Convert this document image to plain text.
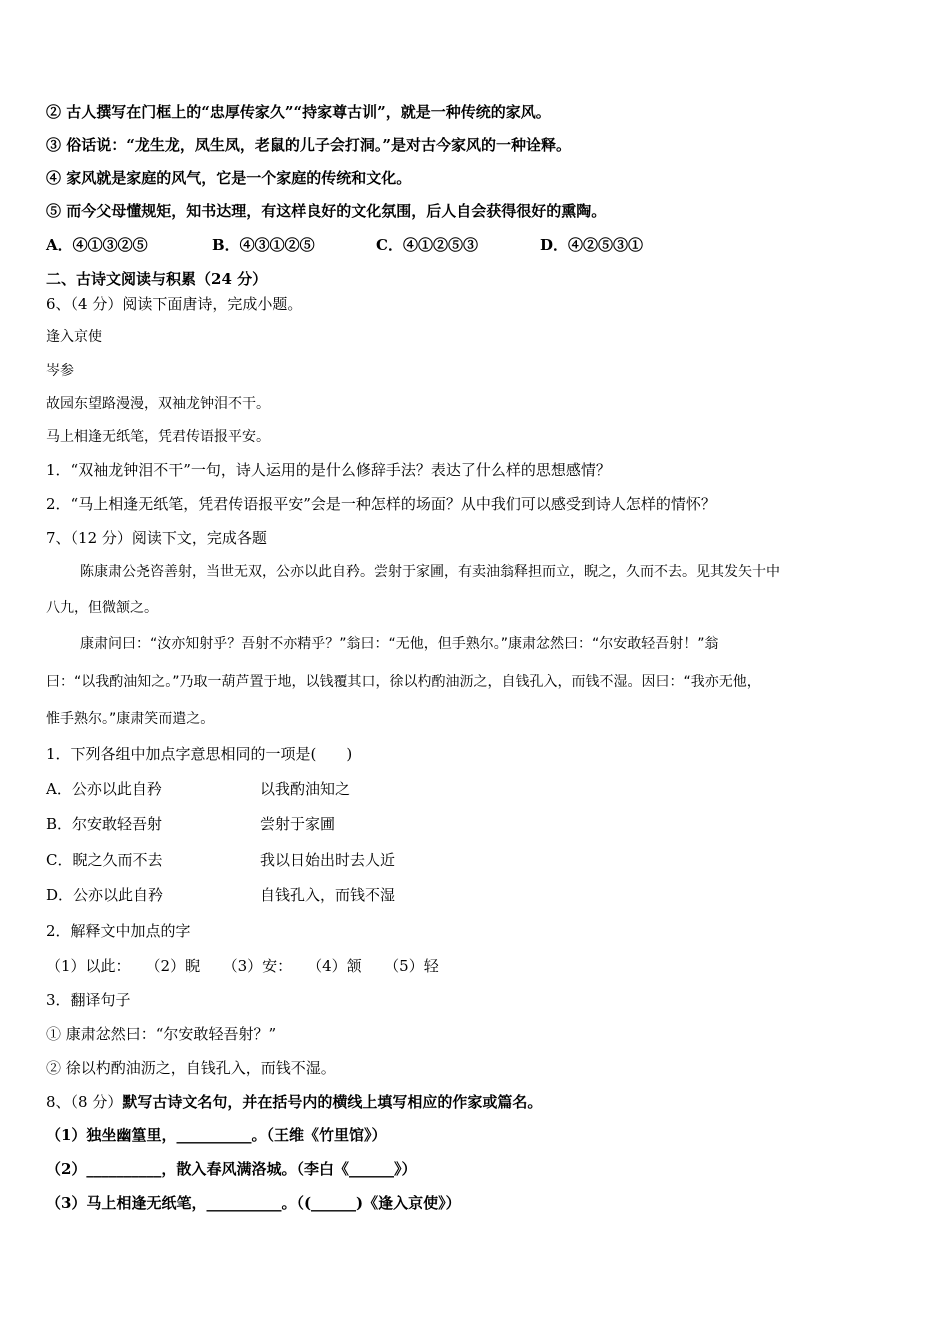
② 古人撰写在门框上的“忠厚传家久”“持家尊古训”，就是一种传统的家风。
③ 俗话说：“龙生龙，凤生凤，老鼠的儿子会打洞。”是对古今家风的一种诠释。
④ 家风就是家庭的风气，它是一个家庭的传统和文化。
⑤ 而今父母懂规矩，知书达理，有这样良好的文化氛围，后人自会获得很好的熏陶。
A．④①③②⑤	B．④③①②⑤	C．④①②⑤③	D．④②⑤③①
二、古诗文阅读与积累（24 分）
6、（4 分）阅读下面唐诗，完成小题。
逢入京使
岑参
故园东望路漫漫，双袖龙钟泪不干。
马上相逢无纸笔，凭君传语报平安。
1．“双袖龙钟泪不干”一句，诗人运用的是什么修辞手法？表达了什么样的思想感情？
2．“马上相逢无纸笔，凭君传语报平安”会是一种怎样的场面？从中我们可以感受到诗人怎样的情怀？
7、（12 分）阅读下文，完成各题
陈康肃公尧咨善射，当世无双，公亦以此自矜。尝射于家圃，有卖油翁释担而立，睨之，久而不去。见其发矢十中
八九，但微颔之。
康肃问曰：“汝亦知射乎？吾射不亦精乎？”翁曰：“无他，但手熟尔。”康肃忿然曰：“尔安敢轻吾射！”翁
曰：“以我酌油知之。”乃取一葫芦置于地，以钱覆其口，徐以杓酌油沥之，自钱孔入，而钱不湿。因曰：“我亦无他，
惟手熟尔。”康肃笑而遣之。
1．下列各组中加点字意思相同的一项是(　　)
A．公亦以此自矜	以我酌油知之
B．尔安敢轻吾射	尝射于家圃
C．睨之久而不去	我以日始出时去人近
D．公亦以此自矜	自钱孔入，而钱不湿
2．解释文中加点的字
（1）以此：　　（2）睨　　（3）安：　　（4）颔　　（5）轻
3．翻译句子
① 康肃忿然曰：“尔安敢轻吾射？”
② 徐以杓酌油沥之，自钱孔入，而钱不湿。
8、（8 分）默写古诗文名句，并在括号内的横线上填写相应的作家或篇名。
（1）独坐幽篁里，__________。（王维《竹里馆》）
（2）__________，散入春风满洛城。（李白《______》）
（3）马上相逢无纸笔，__________。（(______)《逢入京使》）
